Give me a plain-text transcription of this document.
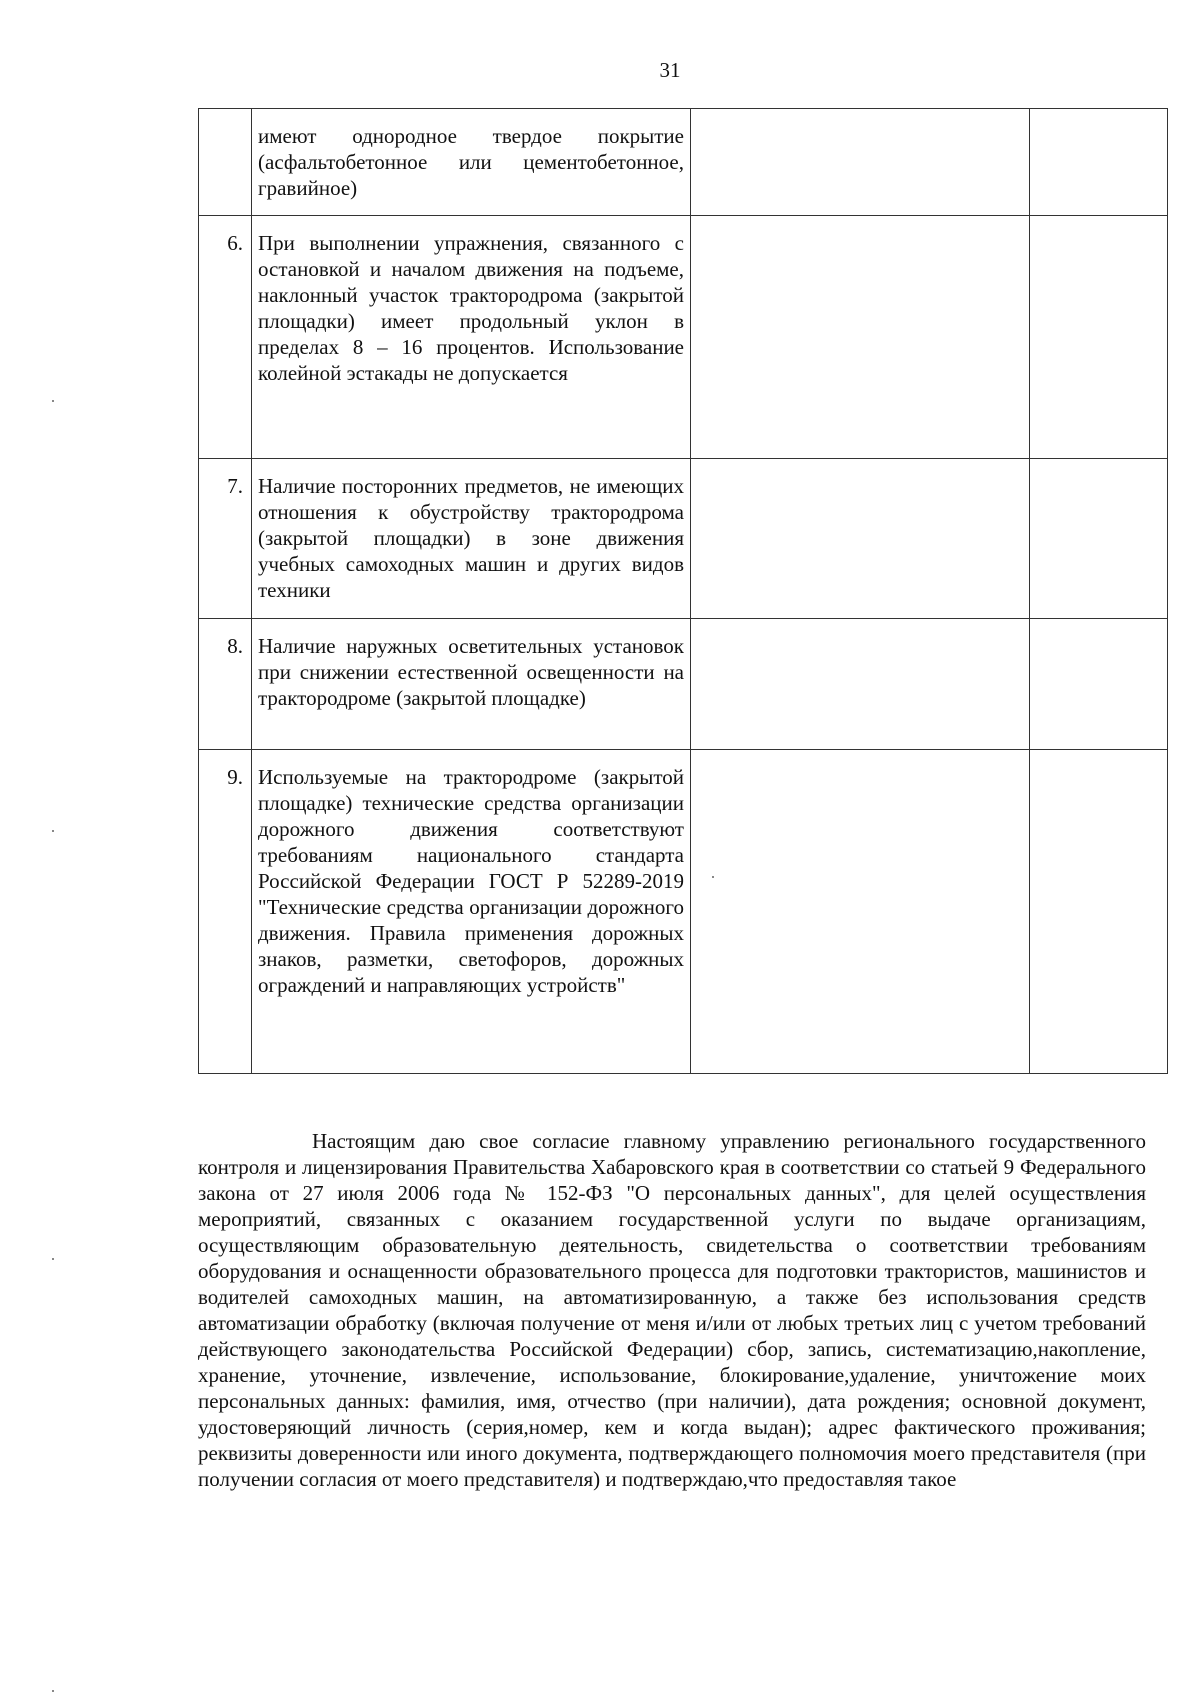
31
	имеют однородное твердое покрытие (асфальтобетонное или цементобетонное, гравийное)		
6.	При выполнении упражнения, связанного с остановкой и началом движения на подъеме, наклонный участок трактородрома (закрытой площадки) имеет продольный уклон в пределах 8 – 16 процентов. Использование колейной эстакады не допускается		
7.	Наличие посторонних предметов, не имеющих отношения к обустройству трактородрома (закрытой площадки) в зоне движения учебных самоходных машин и других видов техники		
8.	Наличие наружных осветительных установок при снижении естественной освещенности на трактородроме (закрытой площадке)		
9.	Используемые на трактородроме (закрытой площадке) технические средства организации дорожного движения соответствуют требованиям национального стандарта Российской Федерации ГОСТ Р 52289-2019 "Технические средства организации дорожного движения. Правила применения дорожных знаков, разметки, светофоров, дорожных ограждений и направляющих устройств"		

Настоящим даю свое согласие главному управлению регионального государственного контроля и лицензирования Правительства Хабаровского края в соответствии со статьей 9 Федерального закона от 27 июля 2006 года № 152-ФЗ "О персональных данных", для целей осуществления мероприятий, связанных с оказанием государственной услуги по выдаче организациям, осуществляющим образовательную деятельность, свидетельства о соответствии требованиям оборудования и оснащенности образовательного процесса для подготовки трактористов, машинистов и водителей самоходных машин, на автоматизированную, а также без использования средств автоматизации обработку (включая получение от меня и/или от любых третьих лиц с учетом требований действующего законодательства Российской Федерации) сбор, запись, систематизацию,накопление, хранение, уточнение, извлечение, использование, блокирование,удаление, уничтожение моих персональных данных: фамилия, имя, отчество (при наличии), дата рождения; основной документ, удостоверяющий личность (серия,номер, кем и когда выдан); адрес фактического проживания; реквизиты доверенности или иного документа, подтверждающего полномочия моего представителя (при получении согласия от моего представителя) и подтверждаю,что предоставляя такое
